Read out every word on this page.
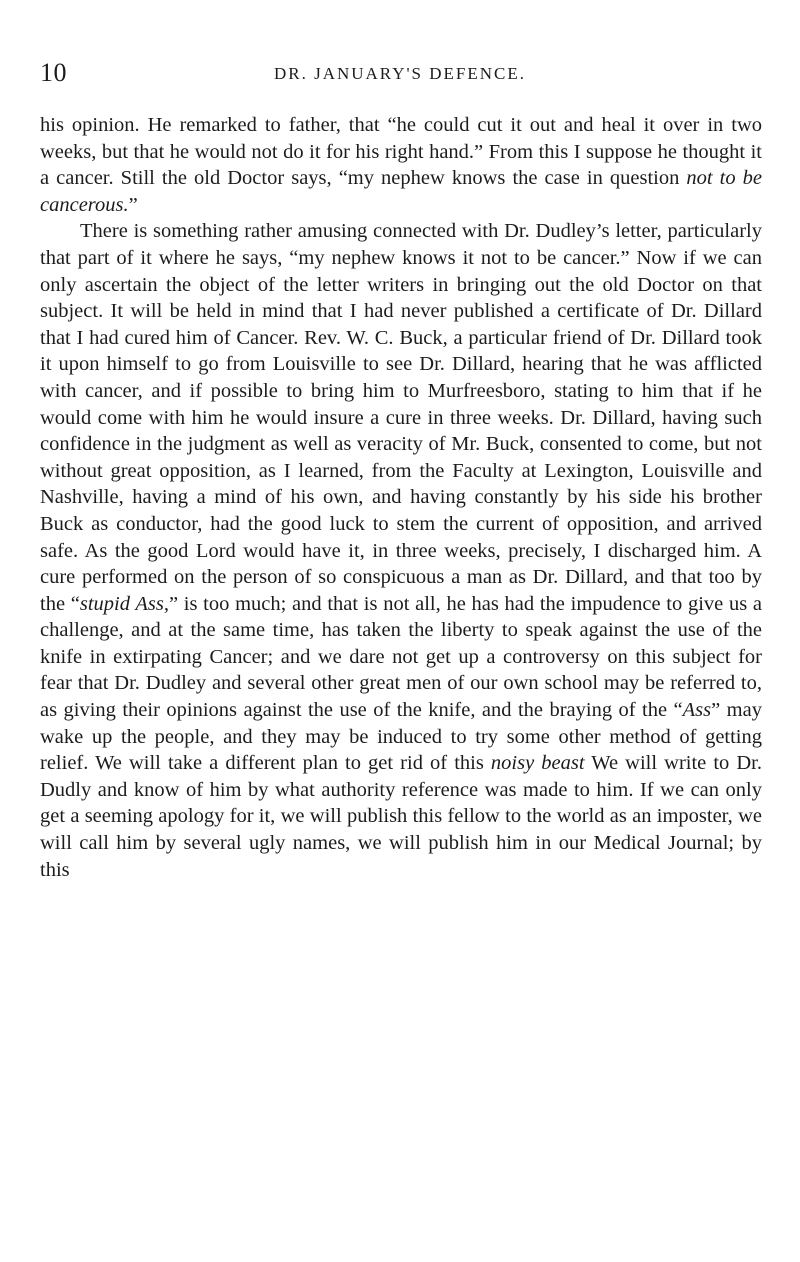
10	DR. JANUARY'S DEFENCE.

his opinion. He remarked to father, that “he could cut it out and heal it over in two weeks, but that he would not do it for his right hand.” From this I suppose he thought it a cancer. Still the old Doctor says, “my nephew knows the case in question not to be cancerous.”

There is something rather amusing connected with Dr. Dudley’s letter, particularly that part of it where he says, “my nephew knows it not to be cancer.” Now if we can only ascertain the object of the letter writers in bringing out the old Doctor on that subject. It will be held in mind that I had never published a certificate of Dr. Dillard that I had cured him of Cancer. Rev. W. C. Buck, a particular friend of Dr. Dillard took it upon himself to go from Louisville to see Dr. Dillard, hearing that he was afflicted with cancer, and if possible to bring him to Murfreesboro, stating to him that if he would come with him he would insure a cure in three weeks. Dr. Dillard, having such confidence in the judgment as well as veracity of Mr. Buck, consented to come, but not without great opposition, as I learned, from the Faculty at Lexington, Louisville and Nashville, having a mind of his own, and having constantly by his side his brother Buck as conductor, had the good luck to stem the current of opposition, and arrived safe. As the good Lord would have it, in three weeks, precisely, I discharged him. A cure performed on the person of so conspicuous a man as Dr. Dillard, and that too by the “stupid Ass,” is too much; and that is not all, he has had the impudence to give us a challenge, and at the same time, has taken the liberty to speak against the use of the knife in extirpating Cancer; and we dare not get up a controversy on this subject for fear that Dr. Dudley and several other great men of our own school may be referred to, as giving their opinions against the use of the knife, and the braying of the “Ass” may wake up the people, and they may be induced to try some other method of getting relief. We will take a different plan to get rid of this noisy beast We will write to Dr. Dudly and know of him by what authority reference was made to him. If we can only get a seeming apology for it, we will publish this fellow to the world as an imposter, we will call him by several ugly names, we will publish him in our Medical Journal; by this
